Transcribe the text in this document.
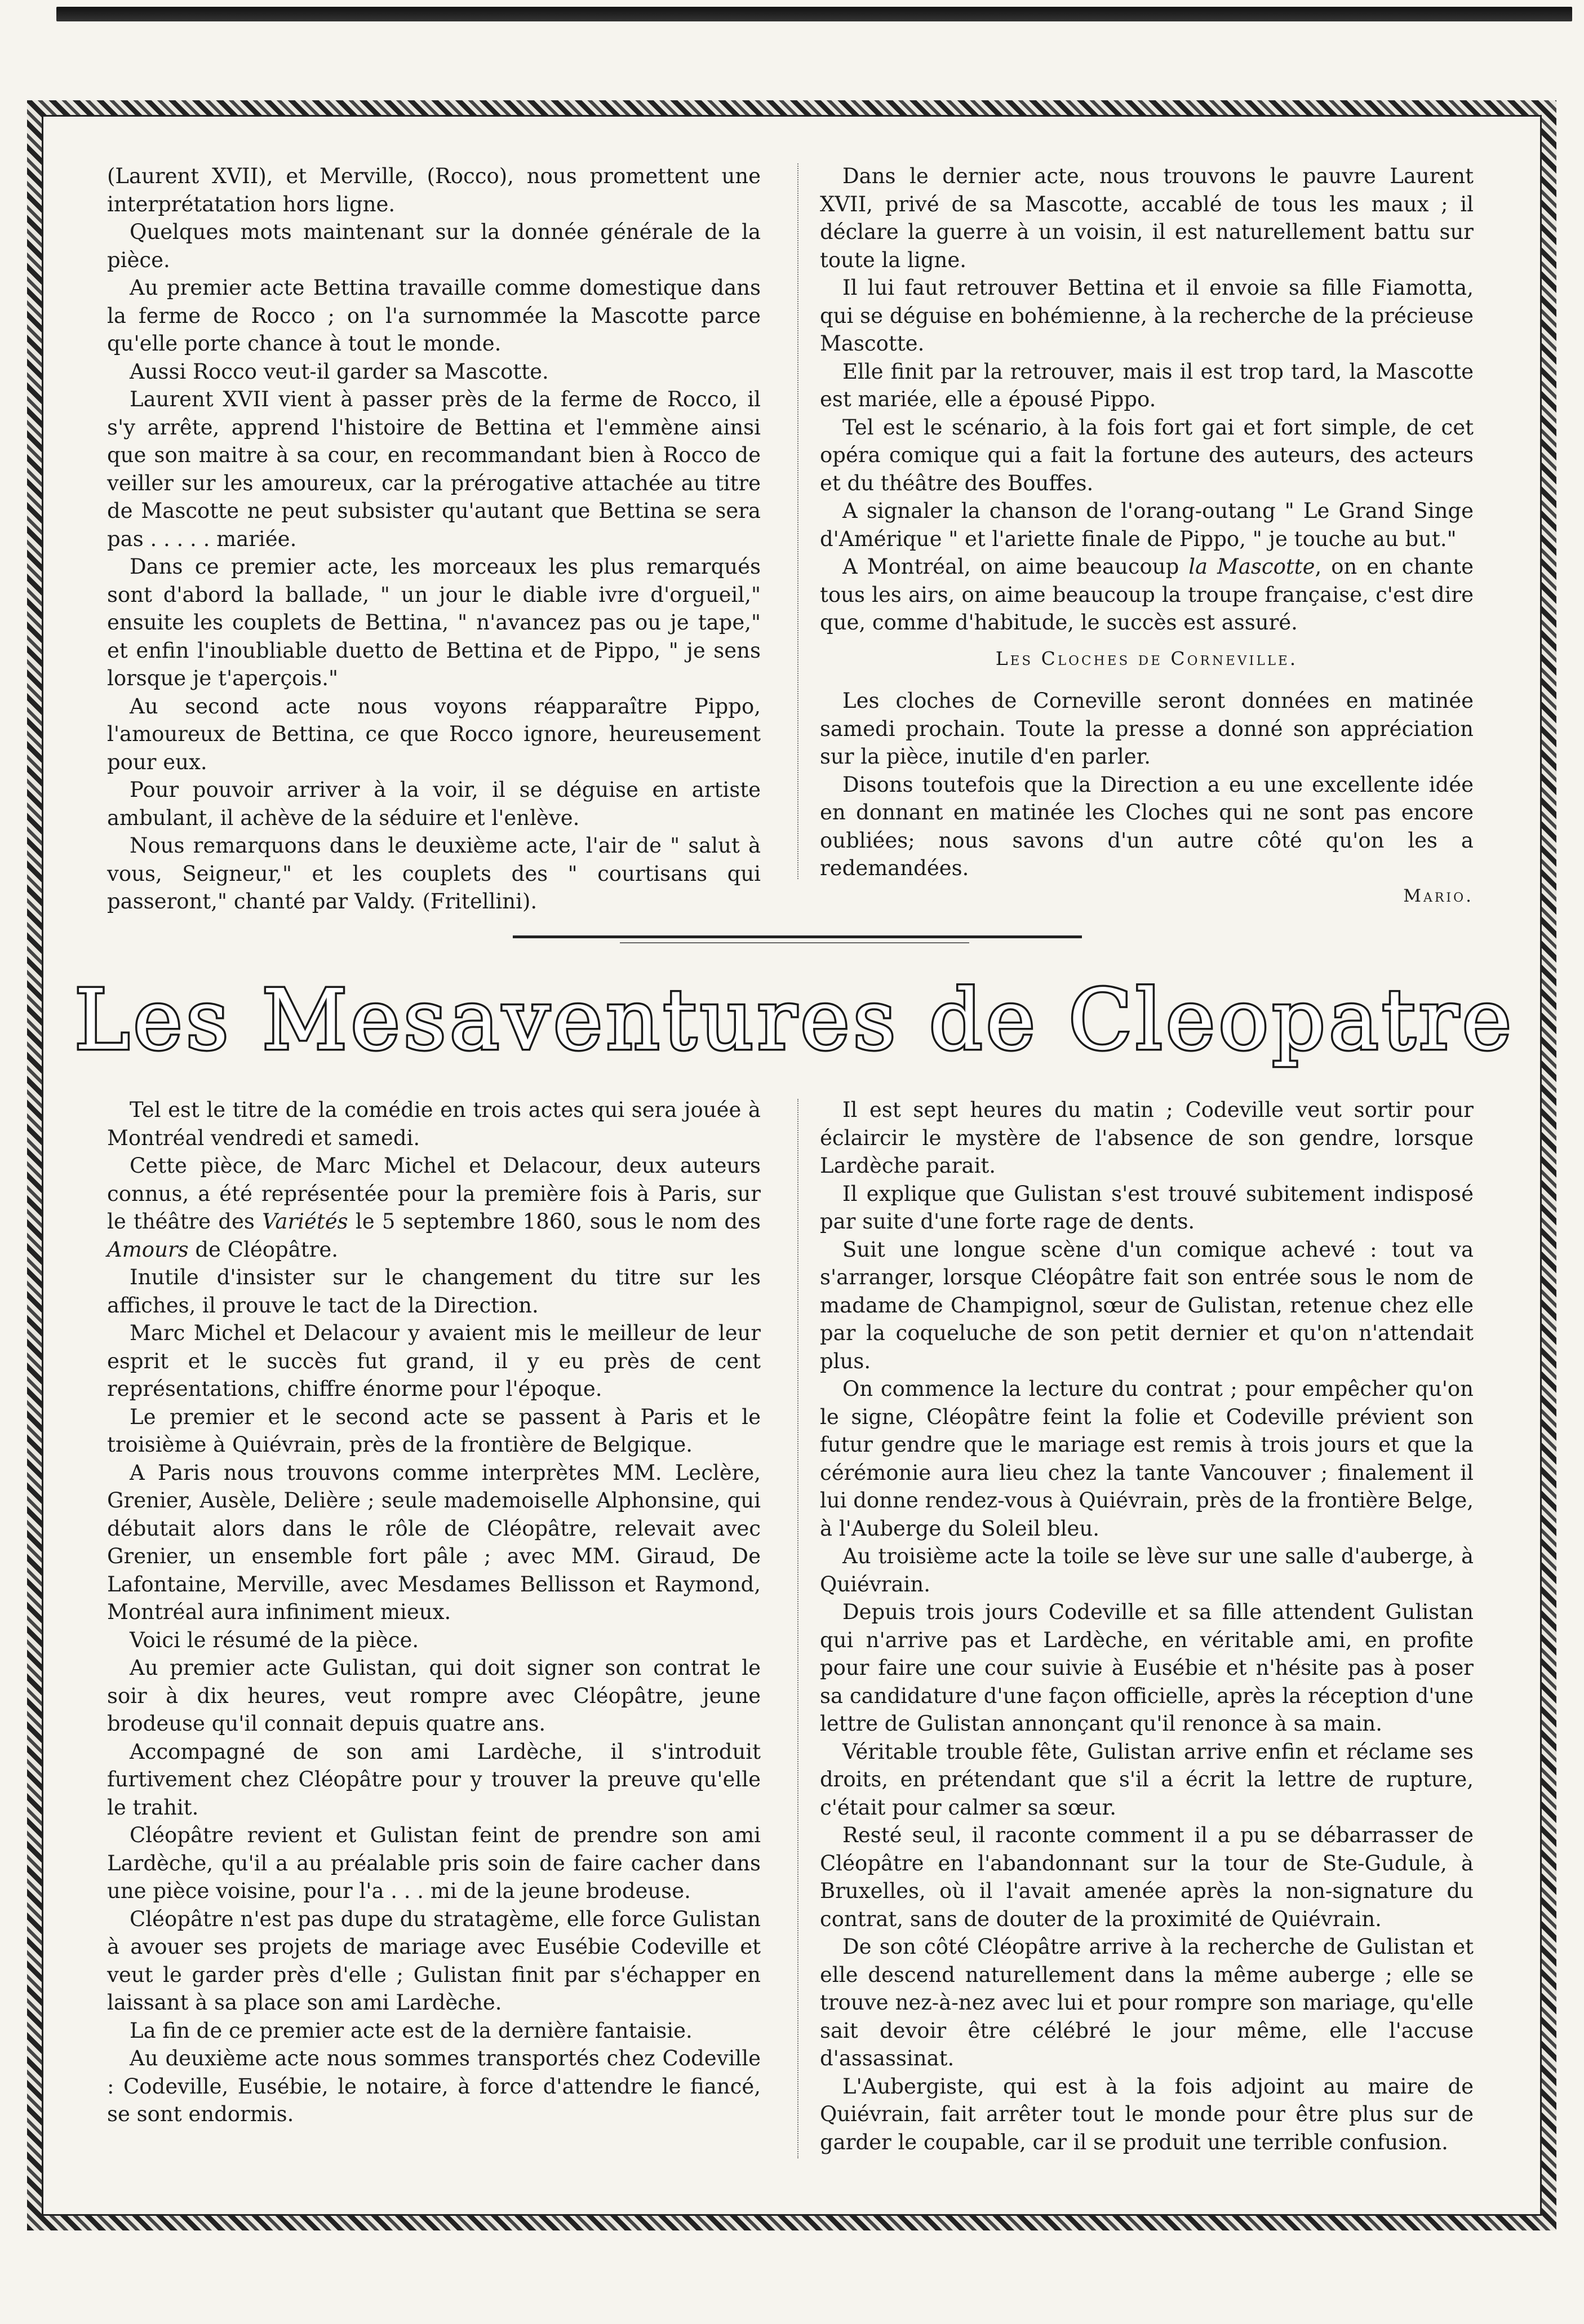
(Laurent XVII), et Merville, (Rocco), nous promettent une interprétatation hors ligne.

Quelques mots maintenant sur la donnée générale de la pièce.

Au premier acte Bettina travaille comme domestique dans la ferme de Rocco ; on l'a surnommée la Mascotte parce qu'elle porte chance à tout le monde.

Aussi Rocco veut-il garder sa Mascotte.

Laurent XVII vient à passer près de la ferme de Rocco, il s'y arrête, apprend l'histoire de Bettina et l'emmène ainsi que son maitre à sa cour, en recommandant bien à Rocco de veiller sur les amoureux, car la prérogative attachée au titre de Mascotte ne peut subsister qu'autant que Bettina se sera pas . . . . . mariée.

Dans ce premier acte, les morceaux les plus remarqués sont d'abord la ballade, " un jour le diable ivre d'orgueil," ensuite les couplets de Bettina, " n'avancez pas ou je tape," et enfin l'inoubliable duetto de Bettina et de Pippo, " je sens lorsque je t'aperçois."

Au second acte nous voyons réapparaître Pippo, l'amoureux de Bettina, ce que Rocco ignore, heureusement pour eux.

Pour pouvoir arriver à la voir, il se déguise en artiste ambulant, il achève de la séduire et l'enlève.

Nous remarquons dans le deuxième acte, l'air de " salut à vous, Seigneur," et les couplets des " courtisans qui passeront," chanté par Valdy. (Fritellini).

Dans le dernier acte, nous trouvons le pauvre Laurent XVII, privé de sa Mascotte, accablé de tous les maux ; il déclare la guerre à un voisin, il est naturellement battu sur toute la ligne.

Il lui faut retrouver Bettina et il envoie sa fille Fiamotta, qui se déguise en bohémienne, à la recherche de la précieuse Mascotte.

Elle finit par la retrouver, mais il est trop tard, la Mascotte est mariée, elle a épousé Pippo.

Tel est le scénario, à la fois fort gai et fort simple, de cet opéra comique qui a fait la fortune des auteurs, des acteurs et du théâtre des Bouffes.

A signaler la chanson de l'orang-outang " Le Grand Singe d'Amérique " et l'ariette finale de Pippo, " je touche au but."

A Montréal, on aime beaucoup la Mascotte, on en chante tous les airs, on aime beaucoup la troupe française, c'est dire que, comme d'habitude, le succès est assuré.

Les Cloches de Corneville.

Les cloches de Corneville seront données en matinée samedi prochain. Toute la presse a donné son appréciation sur la pièce, inutile d'en parler.

Disons toutefois que la Direction a eu une excellente idée en donnant en matinée les Cloches qui ne sont pas encore oubliées; nous savons d'un autre côté qu'on les a redemandées.

Mario.

Les Mesaventures de Cleopatre

Tel est le titre de la comédie en trois actes qui sera jouée à Montréal vendredi et samedi.

Cette pièce, de Marc Michel et Delacour, deux auteurs connus, a été représentée pour la première fois à Paris, sur le théâtre des Variétés le 5 septembre 1860, sous le nom des Amours de Cléopâtre.

Inutile d'insister sur le changement du titre sur les affiches, il prouve le tact de la Direction.

Marc Michel et Delacour y avaient mis le meilleur de leur esprit et le succès fut grand, il y eu près de cent représentations, chiffre énorme pour l'époque.

Le premier et le second acte se passent à Paris et le troisième à Quiévrain, près de la frontière de Belgique.

A Paris nous trouvons comme interprètes MM. Leclère, Grenier, Ausèle, Delière ; seule mademoiselle Alphonsine, qui débutait alors dans le rôle de Cléopâtre, relevait avec Grenier, un ensemble fort pâle ; avec MM. Giraud, De Lafontaine, Merville, avec Mesdames Bellisson et Raymond, Montréal aura infiniment mieux.

Voici le résumé de la pièce.

Au premier acte Gulistan, qui doit signer son contrat le soir à dix heures, veut rompre avec Cléopâtre, jeune brodeuse qu'il connait depuis quatre ans.

Accompagné de son ami Lardèche, il s'introduit furtivement chez Cléopâtre pour y trouver la preuve qu'elle le trahit.

Cléopâtre revient et Gulistan feint de prendre son ami Lardèche, qu'il a au préalable pris soin de faire cacher dans une pièce voisine, pour l'a . . . mi de la jeune brodeuse.

Cléopâtre n'est pas dupe du stratagème, elle force Gulistan à avouer ses projets de mariage avec Eusébie Codeville et veut le garder près d'elle ; Gulistan finit par s'échapper en laissant à sa place son ami Lardèche.

La fin de ce premier acte est de la dernière fantaisie.

Au deuxième acte nous sommes transportés chez Codeville : Codeville, Eusébie, le notaire, à force d'attendre le fiancé, se sont endormis.

Il est sept heures du matin ; Codeville veut sortir pour éclaircir le mystère de l'absence de son gendre, lorsque Lardèche parait.

Il explique que Gulistan s'est trouvé subitement indisposé par suite d'une forte rage de dents.

Suit une longue scène d'un comique achevé : tout va s'arranger, lorsque Cléopâtre fait son entrée sous le nom de madame de Champignol, sœur de Gulistan, retenue chez elle par la coqueluche de son petit dernier et qu'on n'attendait plus.

On commence la lecture du contrat ; pour empêcher qu'on le signe, Cléopâtre feint la folie et Codeville prévient son futur gendre que le mariage est remis à trois jours et que la cérémonie aura lieu chez la tante Vancouver ; finalement il lui donne rendez-vous à Quiévrain, près de la frontière Belge, à l'Auberge du Soleil bleu.

Au troisième acte la toile se lève sur une salle d'auberge, à Quiévrain.

Depuis trois jours Codeville et sa fille attendent Gulistan qui n'arrive pas et Lardèche, en véritable ami, en profite pour faire une cour suivie à Eusébie et n'hésite pas à poser sa candidature d'une façon officielle, après la réception d'une lettre de Gulistan annonçant qu'il renonce à sa main.

Véritable trouble fête, Gulistan arrive enfin et réclame ses droits, en prétendant que s'il a écrit la lettre de rupture, c'était pour calmer sa sœur.

Resté seul, il raconte comment il a pu se débarrasser de Cléopâtre en l'abandonnant sur la tour de Ste-Gudule, à Bruxelles, où il l'avait amenée après la non-signature du contrat, sans de douter de la proximité de Quiévrain.

De son côté Cléopâtre arrive à la recherche de Gulistan et elle descend naturellement dans la même auberge ; elle se trouve nez-à-nez avec lui et pour rompre son mariage, qu'elle sait devoir être célébré le jour même, elle l'accuse d'assassinat.

L'Aubergiste, qui est à la fois adjoint au maire de Quiévrain, fait arrêter tout le monde pour être plus sur de garder le coupable, car il se produit une terrible confusion.
